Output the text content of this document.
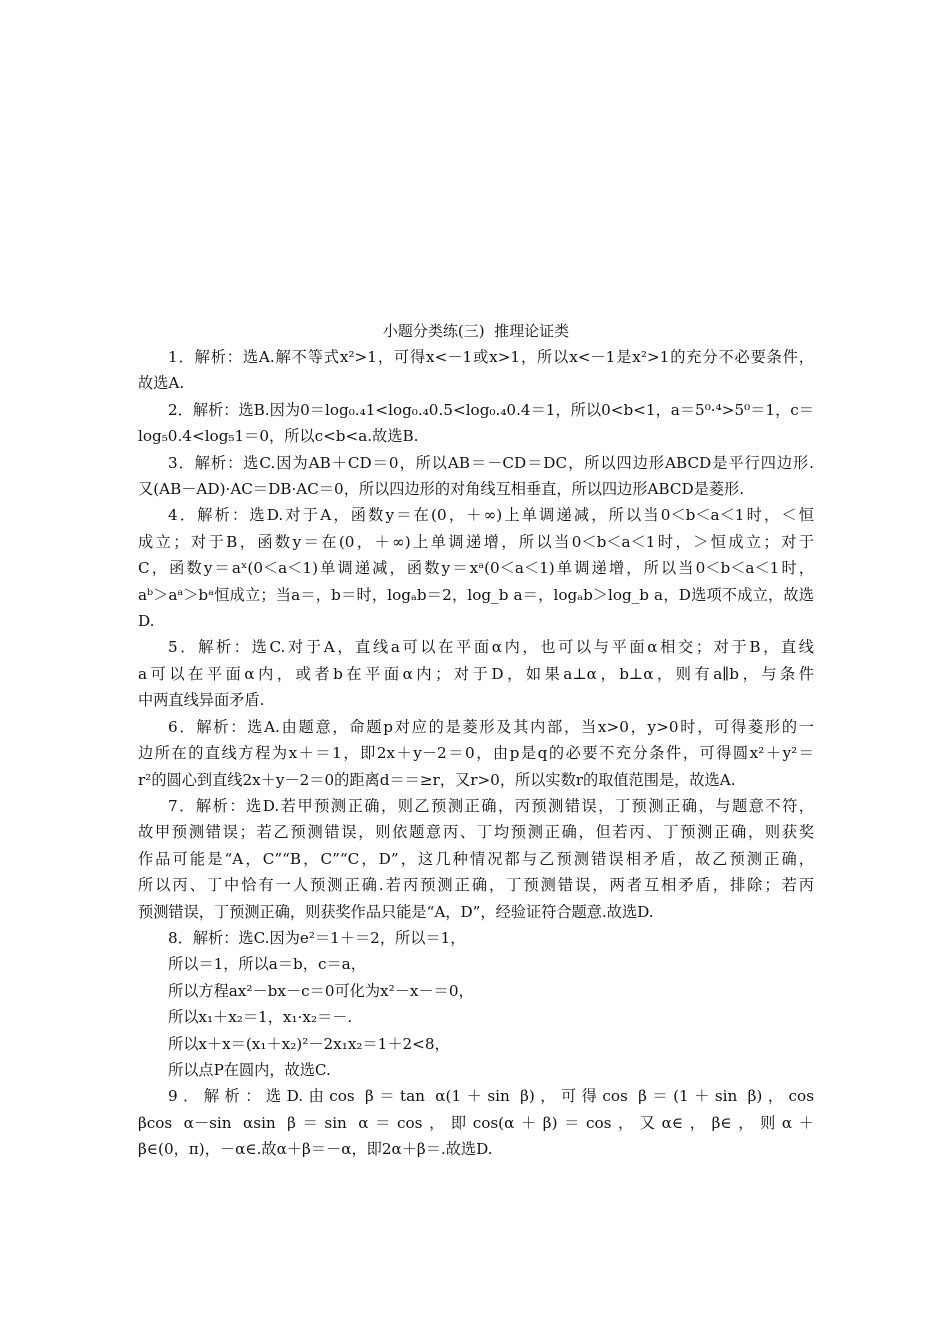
小题分类练(三)  推理论证类
1．解析：选A.解不等式x²>1，可得x<－1或x>1，所以x<－1是x²>1的充分不必要条件，
故选A.
2．解析：选B.因为0＝log₀.₄1<log₀.₄0.5<log₀.₄0.4＝1，所以0<b<1，a＝5⁰·⁴>5⁰＝1，c＝
log₅0.4<log₅1＝0，所以c<b<a.故选B.
3．解析：选C.因为AB＋CD＝0，所以AB＝－CD＝DC，所以四边形ABCD是平行四边形.
又(AB－AD)·AC＝DB·AC＝0，所以四边形的对角线互相垂直，所以四边形ABCD是菱形.
4．解析：选D.对于A，函数y＝在(0，＋∞)上单调递减，所以当0＜b＜a＜1时，＜恒
成立；对于B，函数y＝在(0，＋∞)上单调递增，所以当0＜b＜a＜1时，＞恒成立；对于
C，函数y＝aˣ(0＜a＜1)单调递减，函数y＝xᵃ(0＜a＜1)单调递增，所以当0＜b＜a＜1时，
aᵇ＞aᵃ＞bᵃ恒成立；当a＝，b＝时，logₐb＝2，log_b a＝，logₐb＞log_b a，D选项不成立，故选
D.
5．解析：选C.对于A，直线a可以在平面α内，也可以与平面α相交；对于B，直线
a可以在平面α内，或者b在平面α内；对于D，如果a⊥α，b⊥α，则有a∥b，与条件
中两直线异面矛盾.
6．解析：选A.由题意，命题p对应的是菱形及其内部，当x>0，y>0时，可得菱形的一
边所在的直线方程为x＋＝1，即2x＋y－2＝0，由p是q的必要不充分条件，可得圆x²＋y²＝
r²的圆心到直线2x＋y－2＝0的距离d＝＝≥r，又r>0，所以实数r的取值范围是，故选A.
7．解析：选D.若甲预测正确，则乙预测正确，丙预测错误，丁预测正确，与题意不符，
故甲预测错误；若乙预测错误，则依题意丙、丁均预测正确，但若丙、丁预测正确，则获奖
作品可能是“A，C”“B，C”“C，D”，这几种情况都与乙预测错误相矛盾，故乙预测正确，
所以丙、丁中恰有一人预测正确.若丙预测正确，丁预测错误，两者互相矛盾，排除；若丙
预测错误，丁预测正确，则获奖作品只能是“A，D”，经验证符合题意.故选D.
8．解析：选C.因为e²＝1＋＝2，所以＝1，
所以＝1，所以a＝b，c＝a，
所以方程ax²－bx－c＝0可化为x²－x－＝0，
所以x₁＋x₂＝1，x₁·x₂＝－.
所以x＋x＝(x₁＋x₂)²－2x₁x₂＝1＋2<8，
所以点P在圆内，故选C.
9．解析：选D.由cos β＝tan α(1＋sin β)，可得cos β＝(1＋sin β)，cos
βcos α－sin αsin β＝sin α＝cos，即cos(α＋β)＝cos，又α∈，β∈，则α＋
β∈(0，π)，－α∈.故α＋β＝－α，即2α＋β＝.故选D.
